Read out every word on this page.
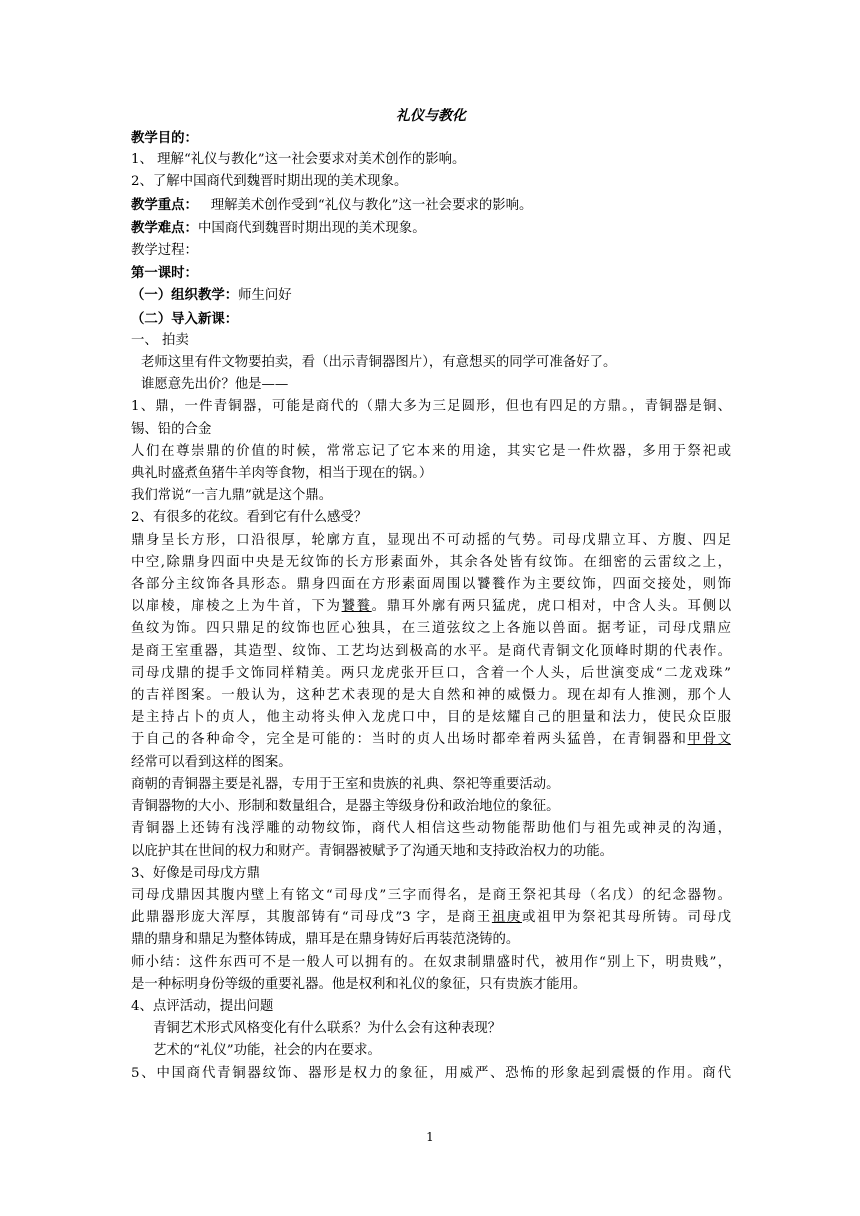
礼仪与教化

教学目的：

1、 理解“礼仪与教化”这一社会要求对美术创作的影响。

2、了解中国商代到魏晋时期出现的美术现象。

教学重点： 理解美术创作受到“礼仪与教化”这一社会要求的影响。

教学难点：中国商代到魏晋时期出现的美术现象。

教学过程：

第一课时：

（一）组织教学：师生问好

（二）导入新课：

一、 拍卖

老师这里有件文物要拍卖，看（出示青铜器图片），有意想买的同学可准备好了。

谁愿意先出价？他是——

1、鼎，一件青铜器，可能是商代的（鼎大多为三足圆形，但也有四足的方鼎。，青铜器是铜、

锡、铅的合金

人们在尊崇鼎的价值的时候，常常忘记了它本来的用途，其实它是一件炊器，多用于祭祀或

典礼时盛煮鱼猪牛羊肉等食物，相当于现在的锅。）

我们常说“一言九鼎”就是这个鼎。

2、有很多的花纹。看到它有什么感受？

鼎身呈长方形，口沿很厚，轮廓方直，显现出不可动摇的气势。司母戊鼎立耳、方腹、四足

中空,除鼎身四面中央是无纹饰的长方形素面外，其余各处皆有纹饰。在细密的云雷纹之上，

各部分主纹饰各具形态。鼎身四面在方形素面周围以饕餮作为主要纹饰，四面交接处，则饰

以扉棱，扉棱之上为牛首，下为饕餮。鼎耳外廓有两只猛虎，虎口相对，中含人头。耳侧以

鱼纹为饰。四只鼎足的纹饰也匠心独具，在三道弦纹之上各施以兽面。据考证，司母戊鼎应

是商王室重器，其造型、纹饰、工艺均达到极高的水平。是商代青铜文化顶峰时期的代表作。

司母戊鼎的提手文饰同样精美。两只龙虎张开巨口，含着一个人头，后世演变成“二龙戏珠”

的吉祥图案。一般认为，这种艺术表现的是大自然和神的威慑力。现在却有人推测，那个人

是主持占卜的贞人，他主动将头伸入龙虎口中，目的是炫耀自己的胆量和法力，使民众臣服

于自己的各种命令，完全是可能的：当时的贞人出场时都牵着两头猛兽，在青铜器和甲骨文

经常可以看到这样的图案。

商朝的青铜器主要是礼器，专用于王室和贵族的礼典、祭祀等重要活动。

青铜器物的大小、形制和数量组合，是器主等级身份和政治地位的象征。

青铜器上还铸有浅浮雕的动物纹饰，商代人相信这些动物能帮助他们与祖先或神灵的沟通，

以庇护其在世间的权力和财产。青铜器被赋予了沟通天地和支持政治权力的功能。

3、好像是司母戊方鼎

司母戊鼎因其腹内壁上有铭文“司母戊”三字而得名，是商王祭祀其母（名戊）的纪念器物。

此鼎器形庞大浑厚，其腹部铸有“司母戊”3 字，是商王祖庚或祖甲为祭祀其母所铸。司母戊

鼎的鼎身和鼎足为整体铸成，鼎耳是在鼎身铸好后再装范浇铸的。

师小结：这件东西可不是一般人可以拥有的。在奴隶制鼎盛时代，被用作“别上下，明贵贱”，

是一种标明身份等级的重要礼器。他是权利和礼仪的象征，只有贵族才能用。

4、点评活动，提出问题

青铜艺术形式风格变化有什么联系？为什么会有这种表现？

艺术的“礼仪”功能，社会的内在要求。

5、中国商代青铜器纹饰、器形是权力的象征，用威严、恐怖的形象起到震慑的作用。商代

1
